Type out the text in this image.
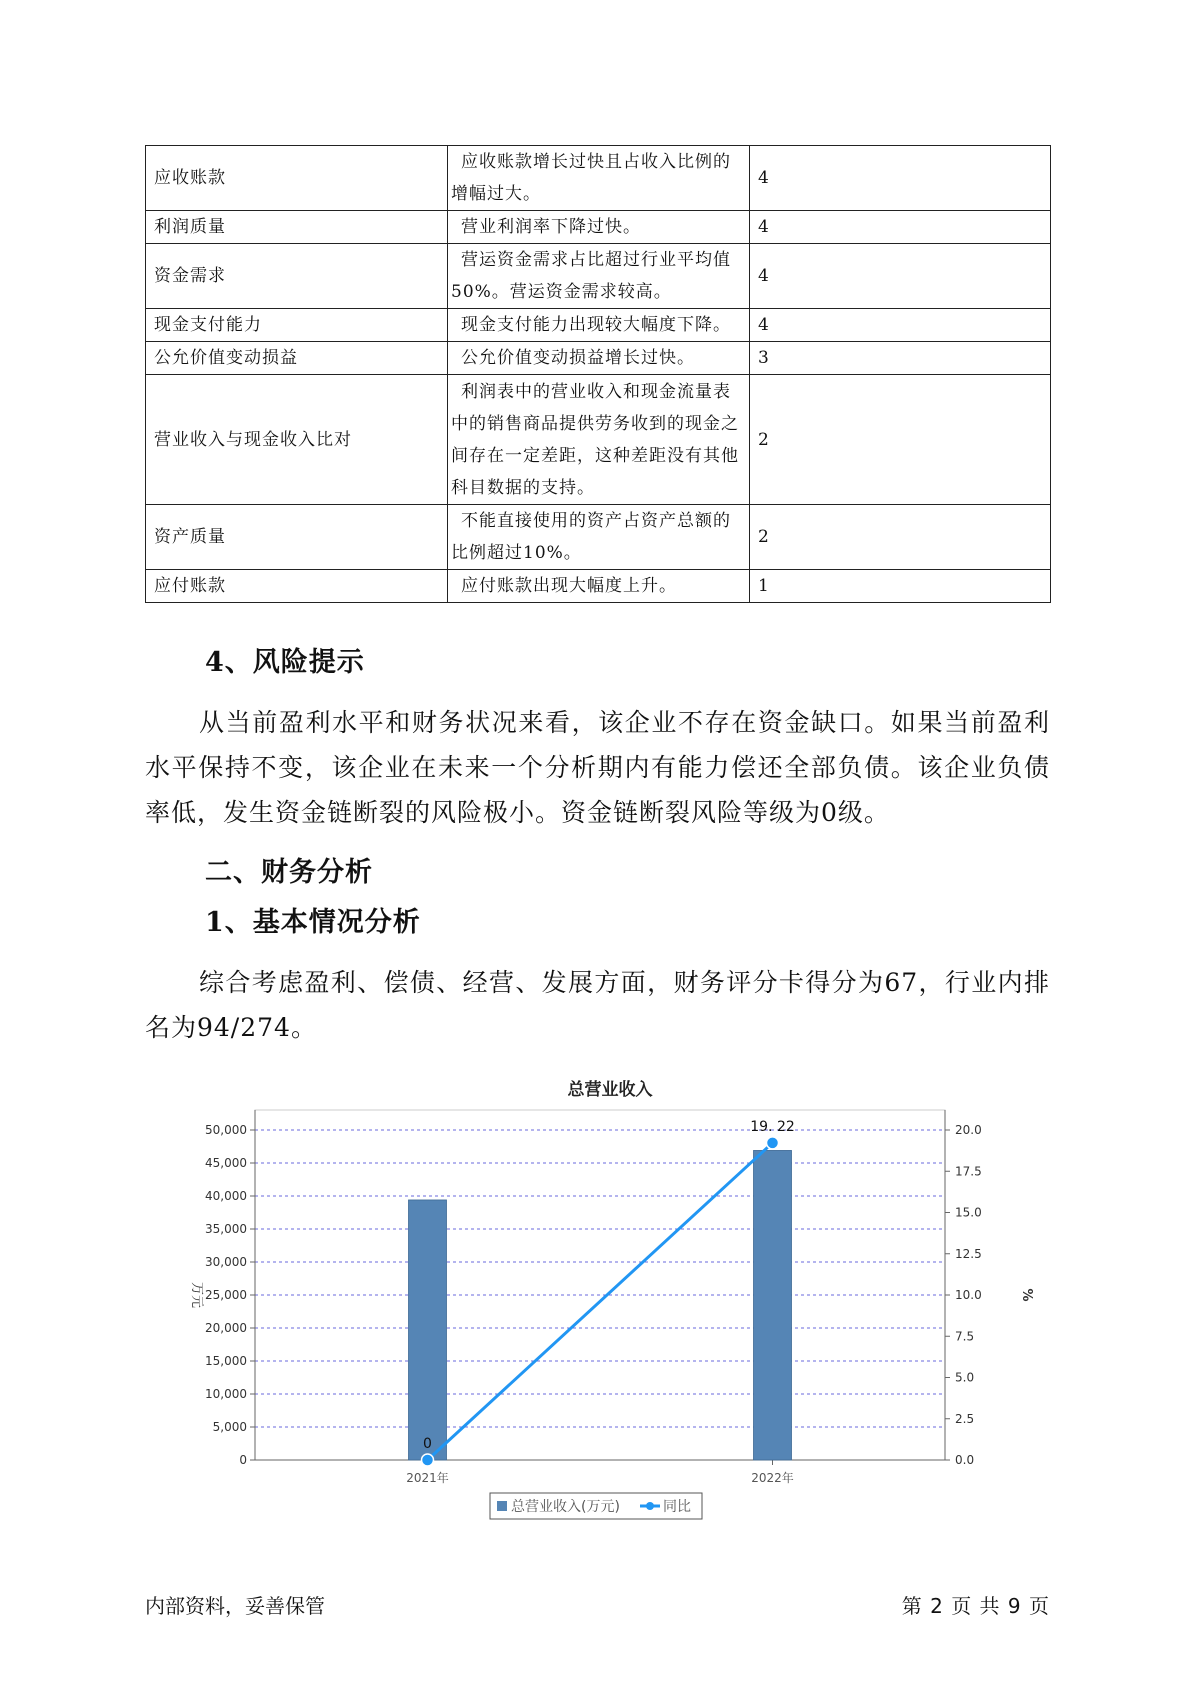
应收账款	应收账款增长过快且占收入比例的增幅过大。	4
利润质量	营业利润率下降过快。	4
资金需求	营运资金需求占比超过行业平均值50%。营运资金需求较高。	4
现金支付能力	现金支付能力出现较大幅度下降。	4
公允价值变动损益	公允价值变动损益增长过快。	3
营业收入与现金收入比对	利润表中的营业收入和现金流量表中的销售商品提供劳务收到的现金之间存在一定差距，这种差距没有其他科目数据的支持。	2
资产质量	不能直接使用的资产占资产总额的比例超过10%。	2
应付账款	应付账款出现大幅度上升。	1
4、风险提示

从当前盈利水平和财务状况来看，该企业不存在资金缺口。如果当前盈利水平保持不变，该企业在未来一个分析期内有能力偿还全部负债。该企业负债率低，发生资金链断裂的风险极小。资金链断裂风险等级为0级。

二、财务分析
1、基本情况分析

综合考虑盈利、偿债、经营、发展方面，财务评分卡得分为67，行业内排名为94/274。

总营业收入
0
5,000
10,000
15,000
20,000
25,000
30,000
35,000
40,000
45,000
50,000
0.0
2.5
5.0
7.5
10.0
12.5
15.0
17.5
20.0
万元	%
2021年	2022年
0
19. 22
总营业收入(万元)	同比
内部资料，妥善保管	第 2 页 共 9 页
